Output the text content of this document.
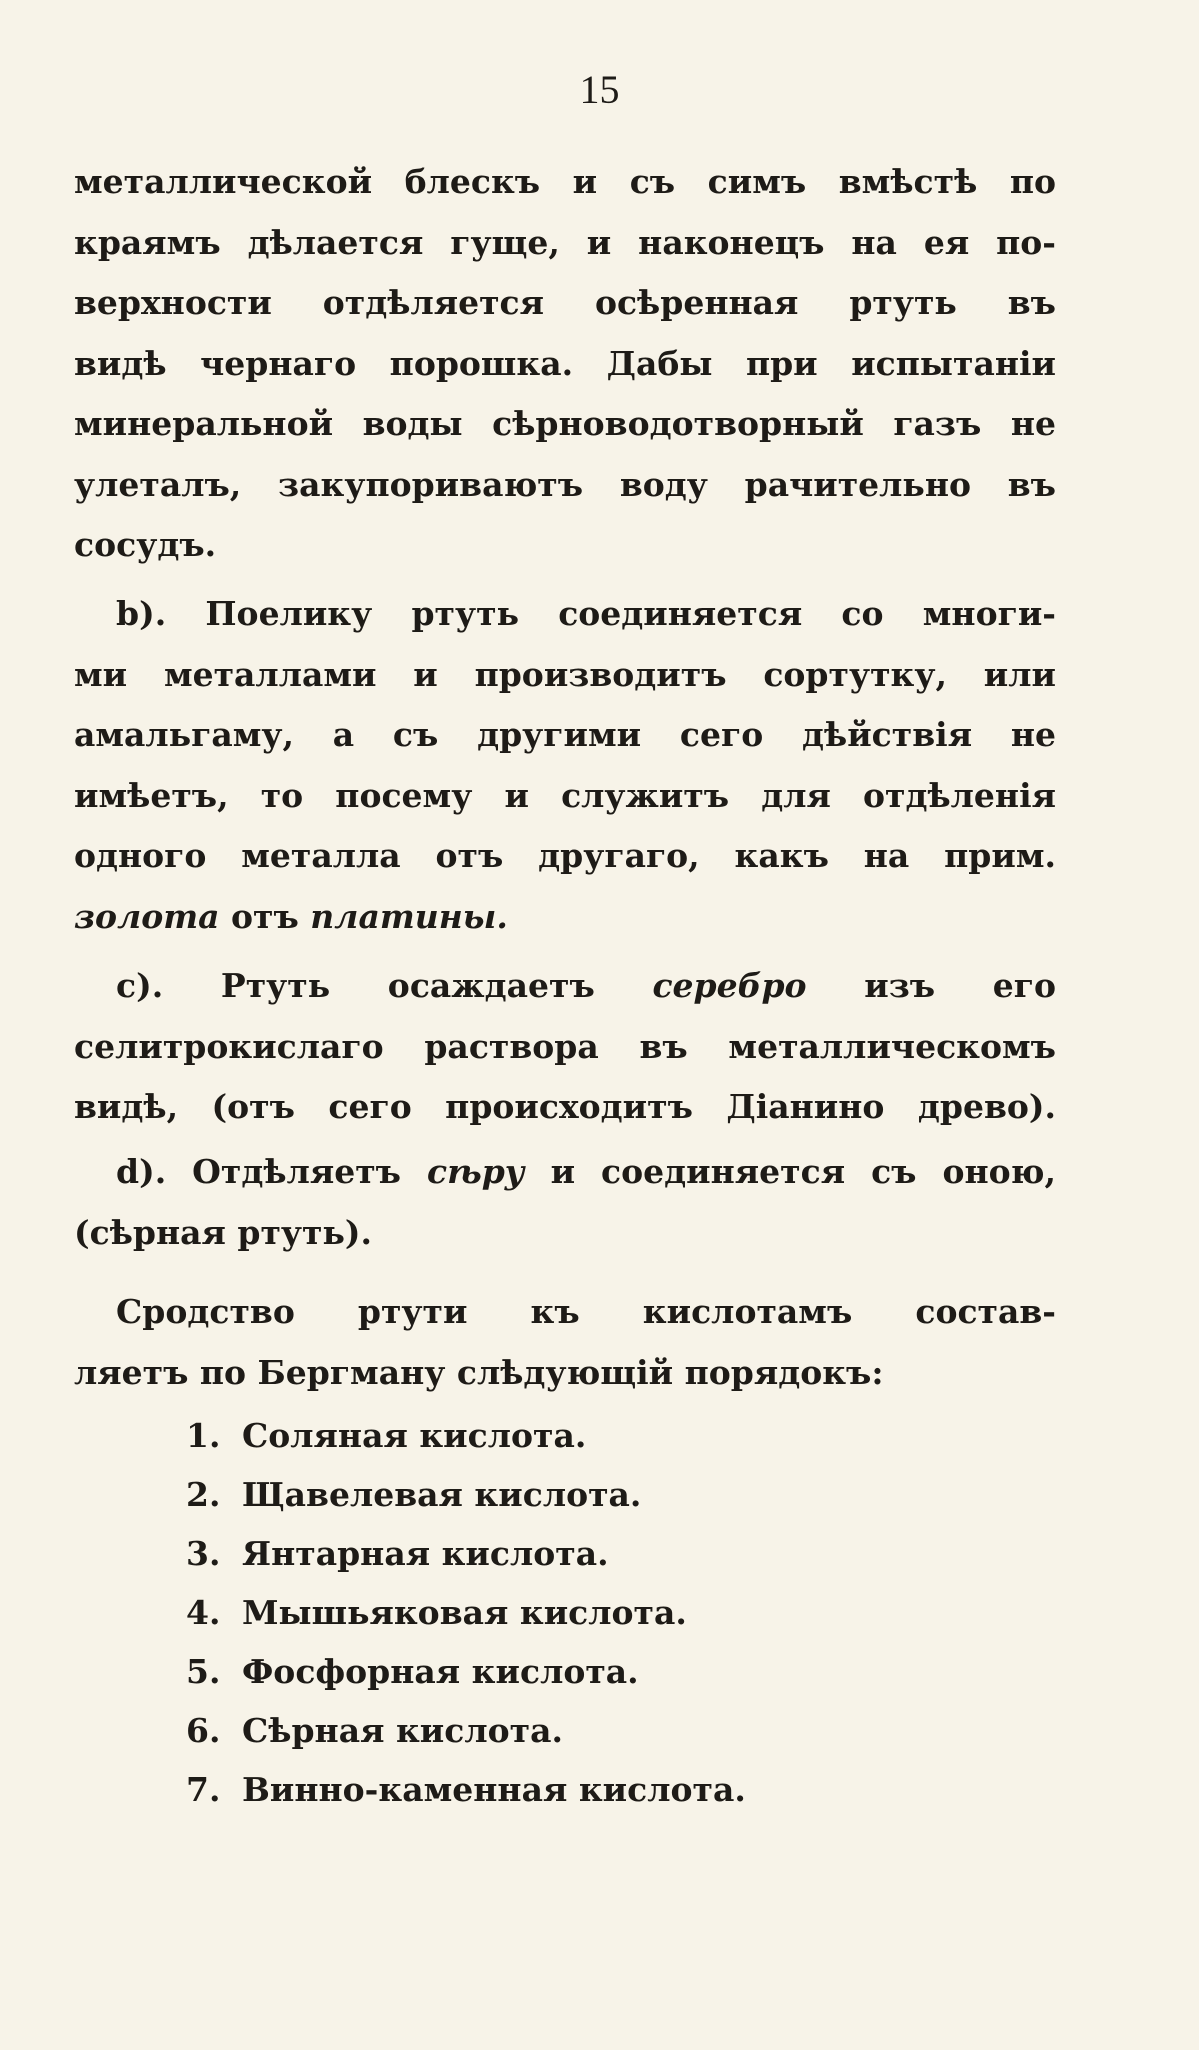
15
металлической блескъ и съ симъ вмѣстѣ по
краямъ дѣлается гуще, и наконецъ на ея по-
верхности отдѣляется осѣренная ртуть въ
видѣ чернаго порошка. Дабы при испытаніи
минеральной воды сѣрноводотворный газъ не
улеталъ, закупориваютъ воду рачительно въ
сосудъ.
b). Поелику ртуть соединяется со многи-
ми металлами и производитъ сортутку, или
амальгаму, а съ другими сего дѣйствія не
имѣетъ, то посему и служитъ для отдѣленія
одного металла отъ другаго, какъ на прим.
золота отъ платины.
c). Ртуть осаждаетъ серебро изъ его
селитрокислаго раствора въ металлическомъ
видѣ, (отъ сего происходитъ Діанино древо).
d). Отдѣляетъ сѣру и соединяется съ оною,
(сѣрная ртуть).
Сродство ртути къ кислотамъ состав-
ляетъ по Бергману слѣдующій порядокъ:
1. Соляная кислота.
2. Щавелевая кислота.
3. Янтарная кислота.
4. Мышьяковая кислота.
5. Фосфорная кислота.
6. Сѣрная кислота.
7. Винно-каменная кислота.
